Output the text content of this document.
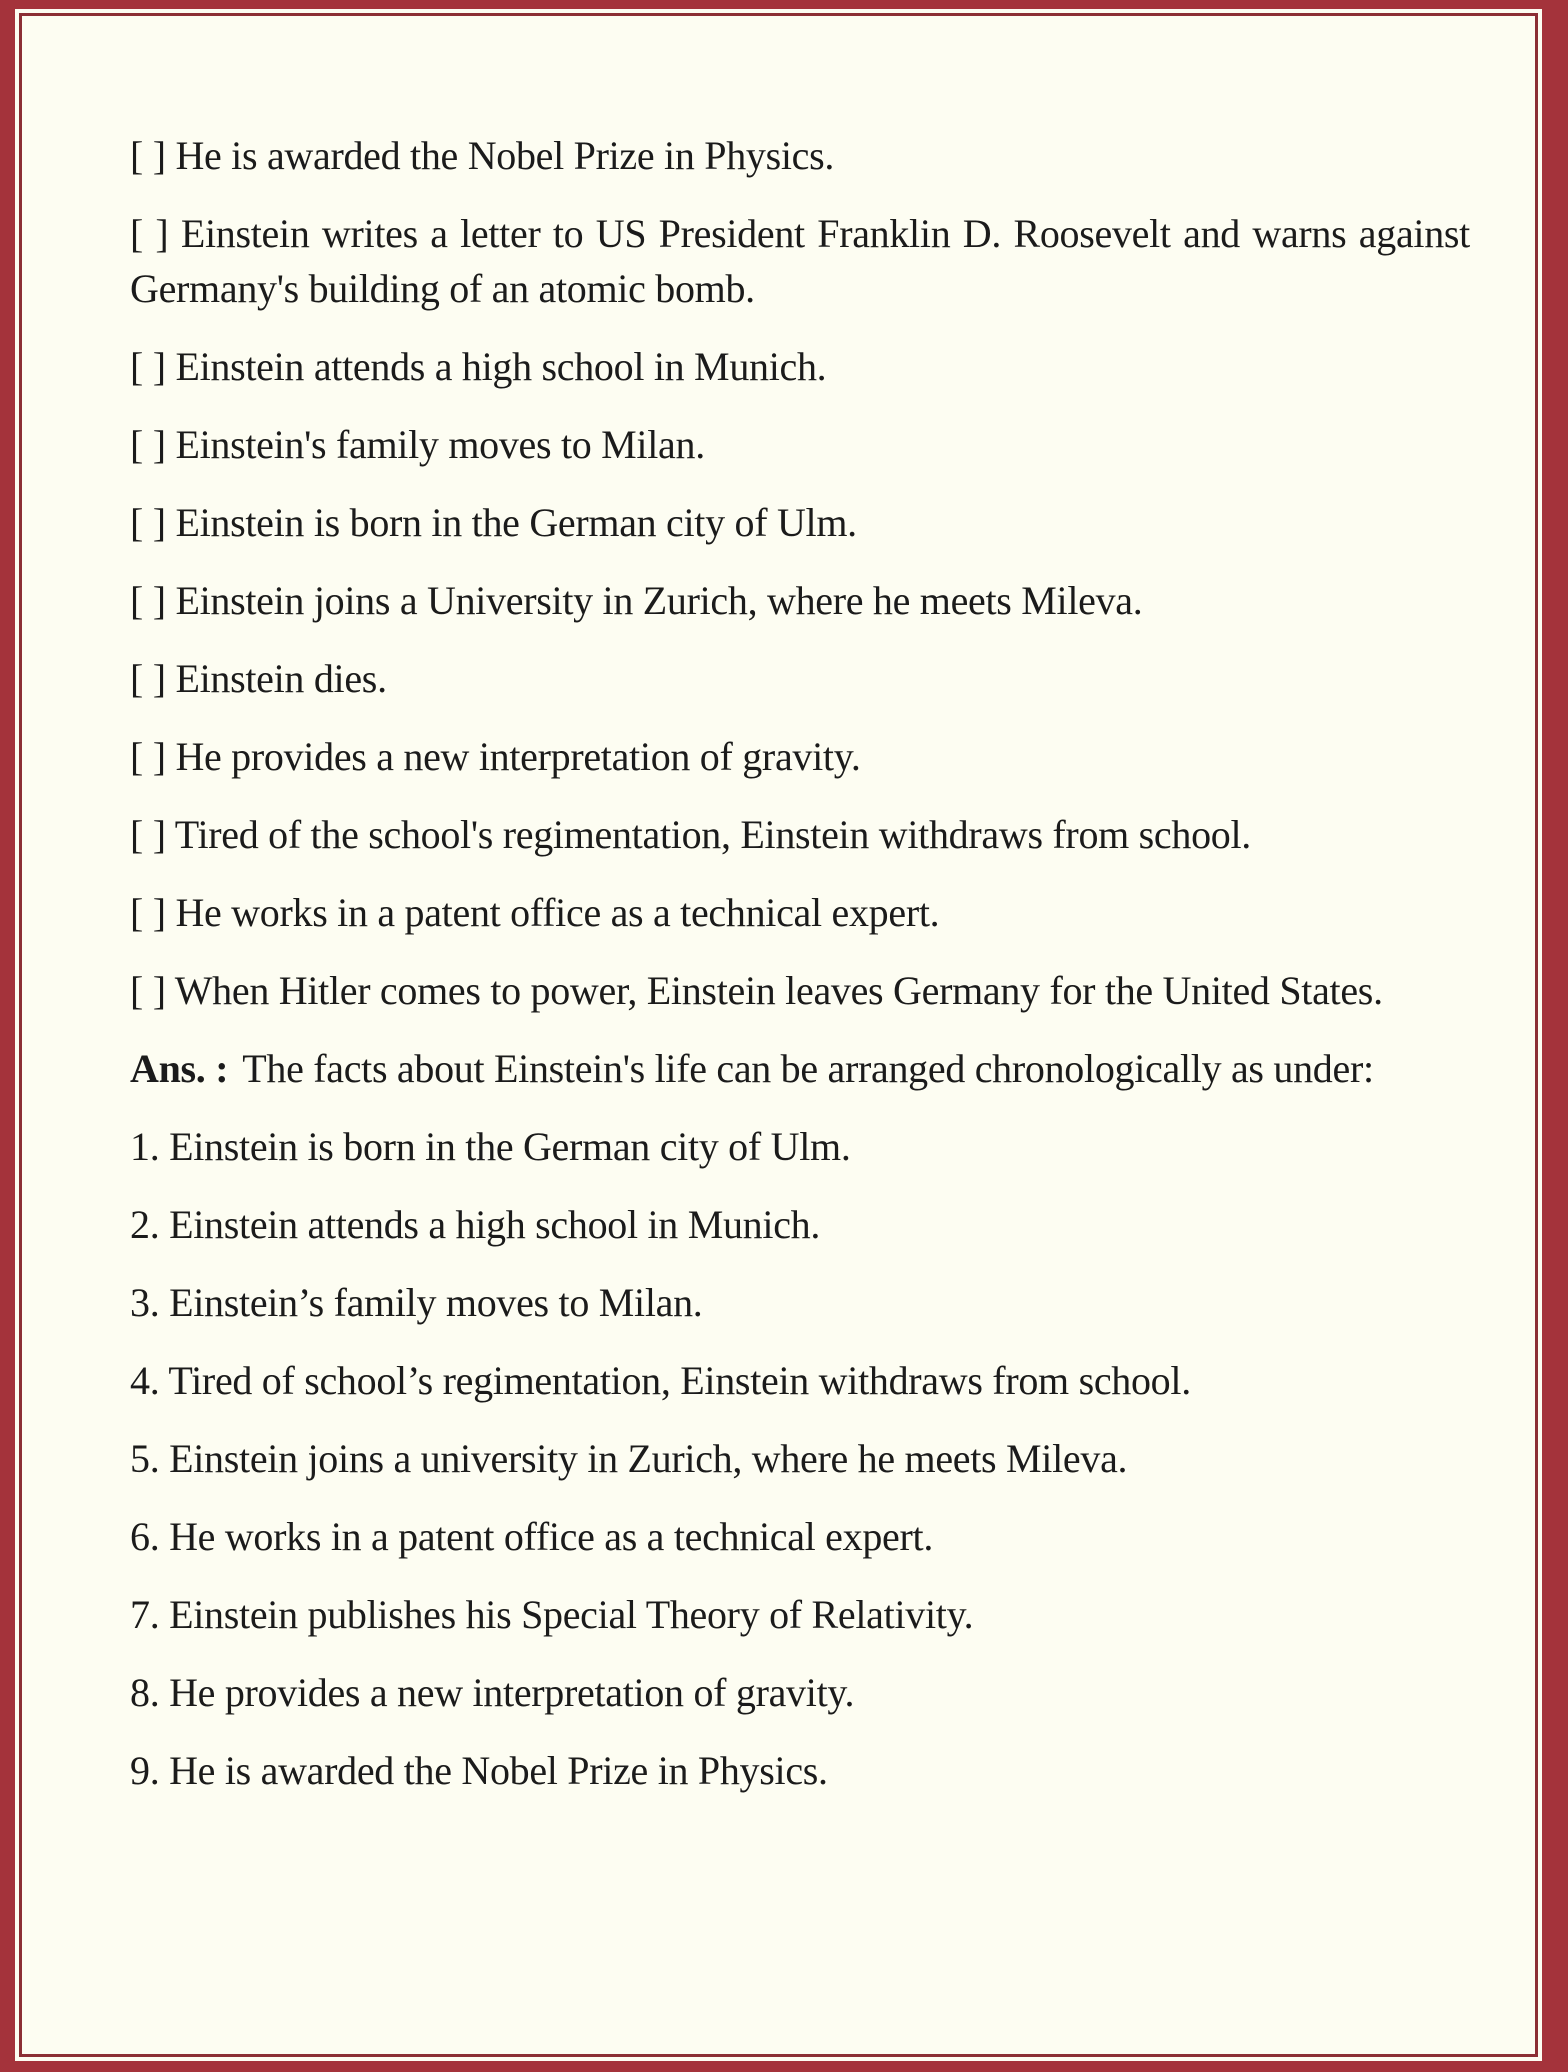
[ ] He is awarded the Nobel Prize in Physics.

[ ] Einstein writes a letter to US President Franklin D. Roosevelt and warns against Germany's building of an atomic bomb.

[ ] Einstein attends a high school in Munich.

[ ] Einstein's family moves to Milan.

[ ] Einstein is born in the German city of Ulm.

[ ] Einstein joins a University in Zurich, where he meets Mileva.

[ ] Einstein dies.

[ ] He provides a new interpretation of gravity.

[ ] Tired of the school's regimentation, Einstein withdraws from school.

[ ] He works in a patent office as a technical expert.

[ ] When Hitler comes to power, Einstein leaves Germany for the United States.

Ans. : The facts about Einstein's life can be arranged chronologically as under:

1. Einstein is born in the German city of Ulm.

2. Einstein attends a high school in Munich.

3. Einstein’s family moves to Milan.

4. Tired of school’s regimentation, Einstein withdraws from school.

5. Einstein joins a university in Zurich, where he meets Mileva.

6. He works in a patent office as a technical expert.

7. Einstein publishes his Special Theory of Relativity.

8. He provides a new interpretation of gravity.

9. He is awarded the Nobel Prize in Physics.
